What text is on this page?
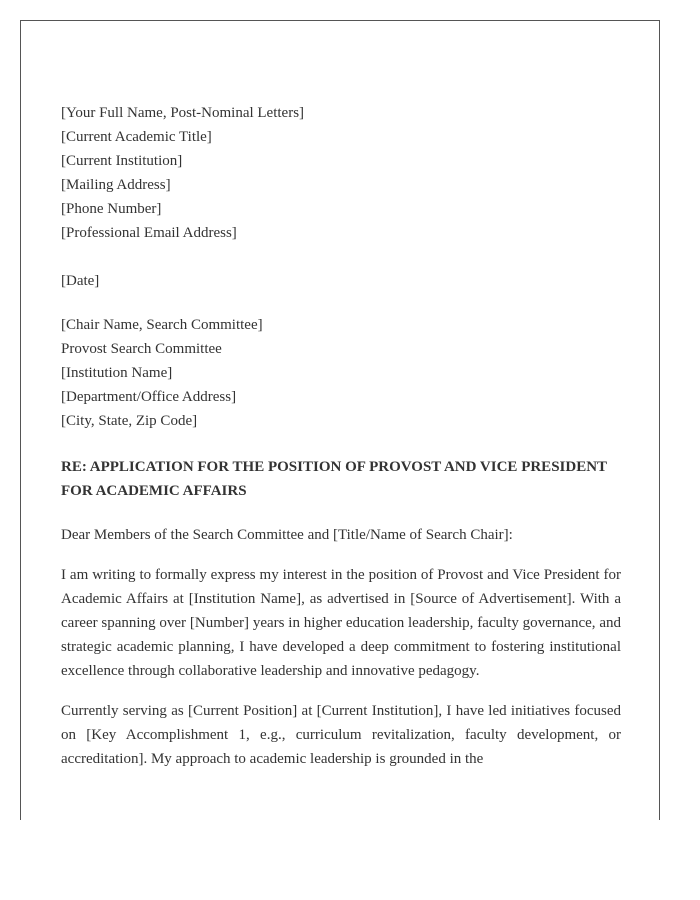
[Your Full Name, Post-Nominal Letters]
[Current Academic Title]
[Current Institution]
[Mailing Address]
[Phone Number]
[Professional Email Address]
[Date]
[Chair Name, Search Committee]
Provost Search Committee
[Institution Name]
[Department/Office Address]
[City, State, Zip Code]
RE: APPLICATION FOR THE POSITION OF PROVOST AND VICE PRESIDENT FOR ACADEMIC AFFAIRS
Dear Members of the Search Committee and [Title/Name of Search Chair]:
I am writing to formally express my interest in the position of Provost and Vice President for Academic Affairs at [Institution Name], as advertised in [Source of Advertisement]. With a career spanning over [Number] years in higher education leadership, faculty governance, and strategic academic planning, I have developed a deep commitment to fostering institutional excellence through collaborative leadership and innovative pedagogy.
Currently serving as [Current Position] at [Current Institution], I have led initiatives focused on [Key Accomplishment 1, e.g., curriculum revitalization, faculty development, or accreditation]. My approach to academic leadership is grounded in the
